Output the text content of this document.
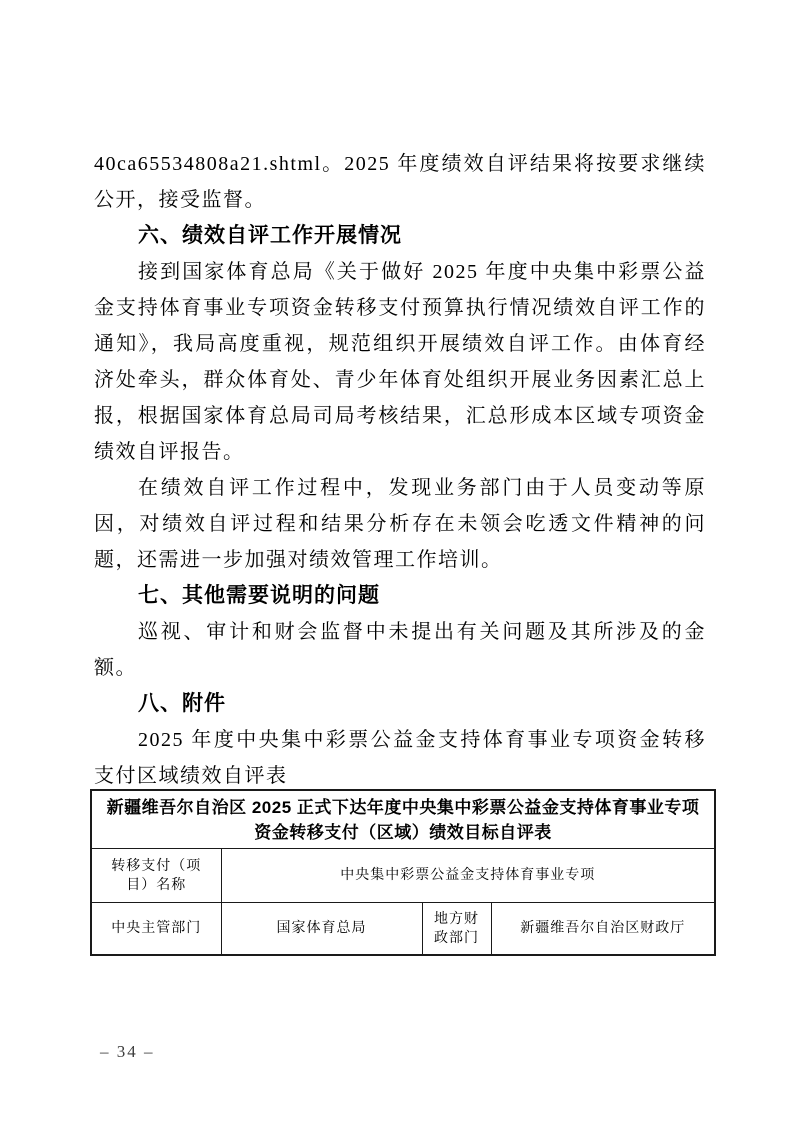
40ca65534808a21.shtml。2025 年度绩效自评结果将按要求继续公开，接受监督。

六、绩效自评工作开展情况

接到国家体育总局《关于做好 2025 年度中央集中彩票公益金支持体育事业专项资金转移支付预算执行情况绩效自评工作的通知》，我局高度重视，规范组织开展绩效自评工作。由体育经济处牵头，群众体育处、青少年体育处组织开展业务因素汇总上报，根据国家体育总局司局考核结果，汇总形成本区域专项资金绩效自评报告。

在绩效自评工作过程中，发现业务部门由于人员变动等原因，对绩效自评过程和结果分析存在未领会吃透文件精神的问题，还需进一步加强对绩效管理工作培训。

七、其他需要说明的问题

巡视、审计和财会监督中未提出有关问题及其所涉及的金额。

八、附件

2025 年度中央集中彩票公益金支持体育事业专项资金转移支付区域绩效自评表

新疆维吾尔自治区 2025 正式下达年度中央集中彩票公益金支持体育事业专项资金转移支付（区域）绩效目标自评表			
转移支付（项目）名称	中央集中彩票公益金支持体育事业专项		
中央主管部门	国家体育总局	地方财政部门	新疆维吾尔自治区财政厅
– 34 –
